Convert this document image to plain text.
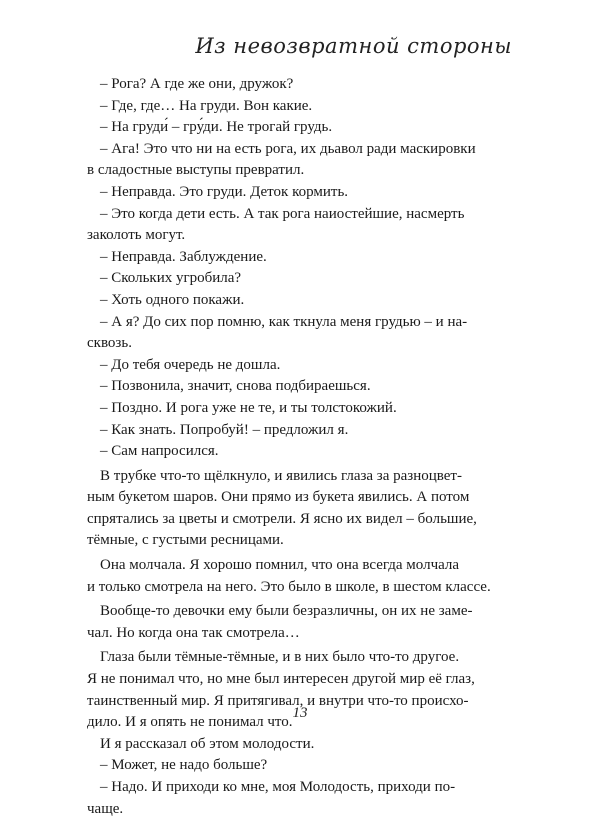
Из невозвратной стороны

– Рога? А где же они, дружок?

– Где, где… На груди. Вон какие.

– На груди́ – гру́ди. Не трогай грудь.

– Ага! Это что ни на есть рога, их дьавол ради маскировки

в сладостные выступы превратил.

– Неправда. Это груди. Деток кормить.

– Это когда дети есть. А так рога наиостейшие, насмерть

заколоть могут.

– Неправда. Заблуждение.

– Скольких угробила?

– Хоть одного покажи.

– А я? До сих пор помню, как ткнула меня грудью – и на-

сквозь.

– До тебя очередь не дошла.

– Позвонила, значит, снова подбираешься.

– Поздно. И рога уже не те, и ты толстокожий.

– Как знать. Попробуй! – предложил я.

– Сам напросился.

В трубке что-то щёлкнуло, и явились глаза за разноцвет-

ным букетом шаров. Они прямо из букета явились. А потом

спрятались за цветы и смотрели. Я ясно их видел – большие,

тёмные, с густыми ресницами.

Она молчала. Я хорошо помнил, что она всегда молчала

и только смотрела на него. Это было в школе, в шестом классе.

Вообще-то девочки ему были безразличны, он их не заме-

чал. Но когда она так смотрела…

Глаза были тёмные-тёмные, и в них было что-то другое.

Я не понимал что, но мне был интересен другой мир её глаз,

таинственный мир. Я притягивал, и внутри что-то происхо-

дило. И я опять не понимал что.

И я рассказал об этом молодости.

– Может, не надо больше?

– Надо. И приходи ко мне, моя Молодость, приходи по-

чаще.

13
